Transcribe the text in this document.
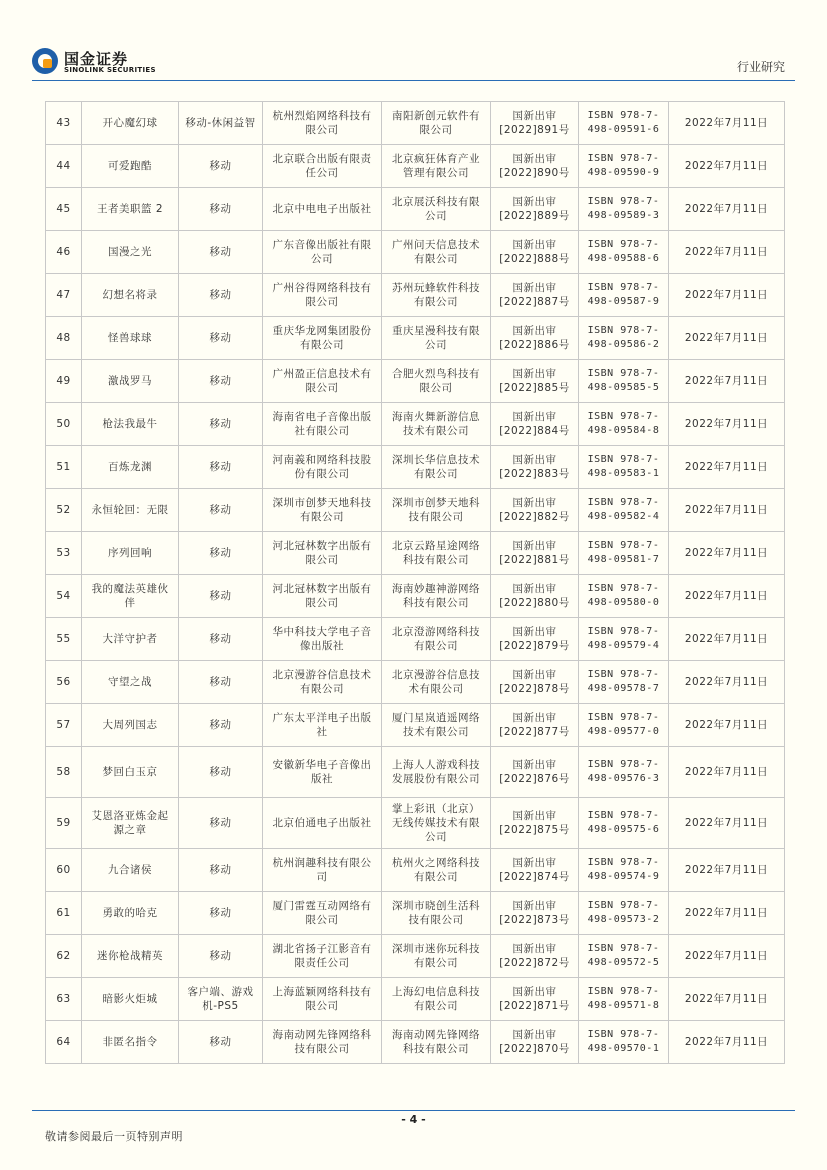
国金证券
SINOLINK SECURITIES	行业研究
43	开心魔幻球	移动-休闲益智	杭州烈焰网络科技有限公司	南阳新创元软件有限公司	国新出审 [2022]891号	ISBN 978-7-498-09591-6	2022年7月11日
44	可爱跑酷	移动	北京联合出版有限责任公司	北京疯狂体育产业管理有限公司	国新出审 [2022]890号	ISBN 978-7-498-09590-9	2022年7月11日
45	王者美职篮 2	移动	北京中电电子出版社	北京展沃科技有限公司	国新出审 [2022]889号	ISBN 978-7-498-09589-3	2022年7月11日
46	国漫之光	移动	广东音像出版社有限公司	广州问天信息技术有限公司	国新出审 [2022]888号	ISBN 978-7-498-09588-6	2022年7月11日
47	幻想名将录	移动	广州谷得网络科技有限公司	苏州玩蜂软件科技有限公司	国新出审 [2022]887号	ISBN 978-7-498-09587-9	2022年7月11日
48	怪兽球球	移动	重庆华龙网集团股份有限公司	重庆星漫科技有限公司	国新出审 [2022]886号	ISBN 978-7-498-09586-2	2022年7月11日
49	激战罗马	移动	广州盈正信息技术有限公司	合肥火烈鸟科技有限公司	国新出审 [2022]885号	ISBN 978-7-498-09585-5	2022年7月11日
50	枪法我最牛	移动	海南省电子音像出版社有限公司	海南火舞新游信息技术有限公司	国新出审 [2022]884号	ISBN 978-7-498-09584-8	2022年7月11日
51	百炼龙渊	移动	河南義和网络科技股份有限公司	深圳长华信息技术有限公司	国新出审 [2022]883号	ISBN 978-7-498-09583-1	2022年7月11日
52	永恒轮回：无限	移动	深圳市创梦天地科技有限公司	深圳市创梦天地科技有限公司	国新出审 [2022]882号	ISBN 978-7-498-09582-4	2022年7月11日
53	序列回响	移动	河北冠林数字出版有限公司	北京云路星途网络科技有限公司	国新出审 [2022]881号	ISBN 978-7-498-09581-7	2022年7月11日
54	我的魔法英雄伙伴	移动	河北冠林数字出版有限公司	海南妙趣神游网络科技有限公司	国新出审 [2022]880号	ISBN 978-7-498-09580-0	2022年7月11日
55	大洋守护者	移动	华中科技大学电子音像出版社	北京澄游网络科技有限公司	国新出审 [2022]879号	ISBN 978-7-498-09579-4	2022年7月11日
56	守望之战	移动	北京漫游谷信息技术有限公司	北京漫游谷信息技术有限公司	国新出审 [2022]878号	ISBN 978-7-498-09578-7	2022年7月11日
57	大周列国志	移动	广东太平洋电子出版社	厦门星岚逍遥网络技术有限公司	国新出审 [2022]877号	ISBN 978-7-498-09577-0	2022年7月11日
58	梦回白玉京	移动	安徽新华电子音像出版社	上海人人游戏科技发展股份有限公司	国新出审 [2022]876号	ISBN 978-7-498-09576-3	2022年7月11日
59	艾恩洛亚炼金起源之章	移动	北京伯通电子出版社	掌上彩讯（北京）无线传媒技术有限公司	国新出审 [2022]875号	ISBN 978-7-498-09575-6	2022年7月11日
60	九合诸侯	移动	杭州润趣科技有限公司	杭州火之网络科技有限公司	国新出审 [2022]874号	ISBN 978-7-498-09574-9	2022年7月11日
61	勇敢的哈克	移动	厦门雷霆互动网络有限公司	深圳市晓创生活科技有限公司	国新出审 [2022]873号	ISBN 978-7-498-09573-2	2022年7月11日
62	迷你枪战精英	移动	湖北省扬子江影音有限责任公司	深圳市迷你玩科技有限公司	国新出审 [2022]872号	ISBN 978-7-498-09572-5	2022年7月11日
63	暗影火炬城	客户端、游戏机-PS5	上海蓝颖网络科技有限公司	上海幻电信息科技有限公司	国新出审 [2022]871号	ISBN 978-7-498-09571-8	2022年7月11日
64	非匿名指令	移动	海南动网先锋网络科技有限公司	海南动网先锋网络科技有限公司	国新出审 [2022]870号	ISBN 978-7-498-09570-1	2022年7月11日
- 4 -
敬请参阅最后一页特别声明
